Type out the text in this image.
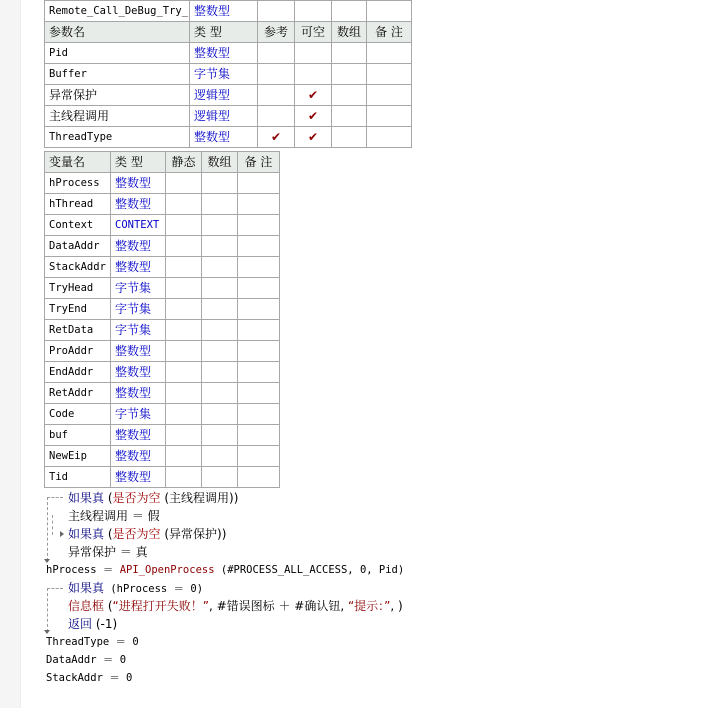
Remote_Call_DeBug_Try_	整数型				
参数名	类 型	参考	可空	数组	备 注
Pid	整数型				
Buffer	字节集				
异常保护	逻辑型		✔		
主线程调用	逻辑型		✔		
ThreadType	整数型	✔	✔		
变量名	类 型	静态	数组	备 注
hProcess	整数型			
hThread	整数型			
Context	CONTEXT			
DataAddr	整数型			
StackAddr	整数型			
TryHead	字节集			
TryEnd	字节集			
RetData	字节集			
ProAddr	整数型			
EndAddr	整数型			
RetAddr	整数型			
Code	字节集			
buf	整数型			
NewEip	整数型			
Tid	整数型			
如果真 (是否为空 (主线程调用))
主线程调用 ＝ 假
如果真 (是否为空 (异常保护))
异常保护 ＝ 真
hProcess ＝ API_OpenProcess (#PROCESS_ALL_ACCESS, 0, Pid)
如果真 (hProcess ＝ 0)
信息框 (“进程打开失败！”, #错误图标 ＋ #确认钮, “提示：”, )
返回 (-1)
ThreadType ＝ 0
DataAddr ＝ 0
StackAddr ＝ 0
